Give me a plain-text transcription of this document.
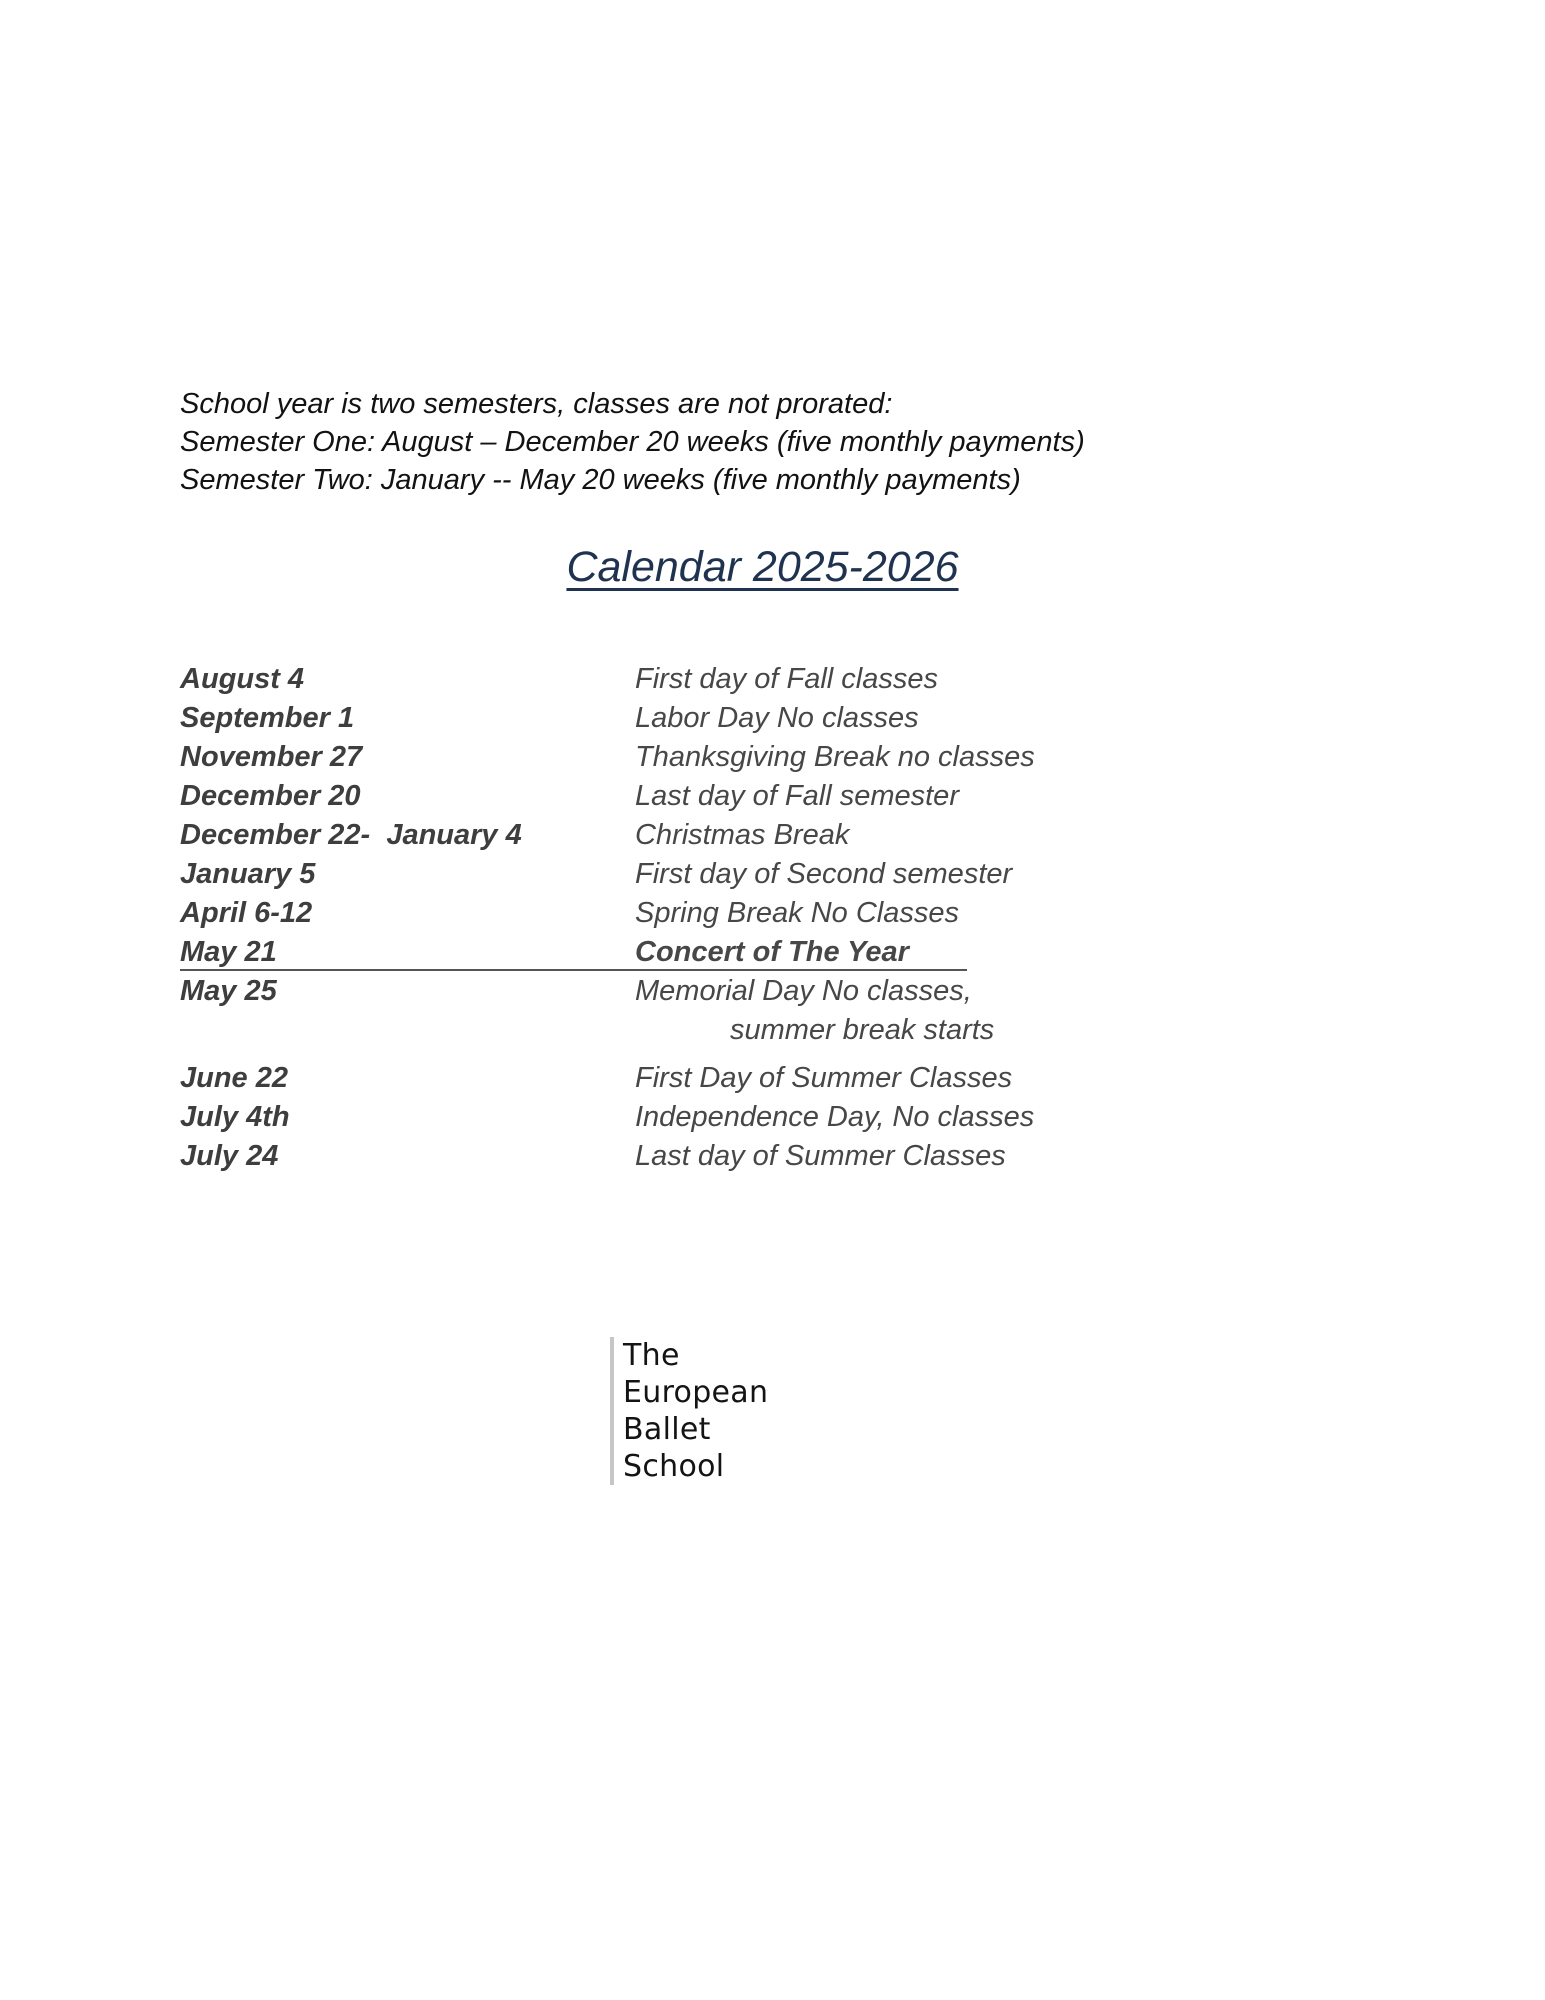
School year is two semesters, classes are not prorated:
Semester One: August – December 20 weeks (five monthly payments)
Semester Two: January -- May 20 weeks (five monthly payments)
Calendar 2025-2026
August 4	First day of Fall classes
September 1	Labor Day No classes
November 27	Thanksgiving Break no classes
December 20	Last day of Fall semester
December 22-  January 4	Christmas Break
January 5	First day of Second semester
April 6-12	Spring Break No Classes
May 21	Concert of The Year
May 25	Memorial Day No classes,
summer break starts
June 22	First Day of Summer Classes
July 4th	Independence Day, No classes
July 24	Last day of Summer Classes
The
European
Ballet
School
